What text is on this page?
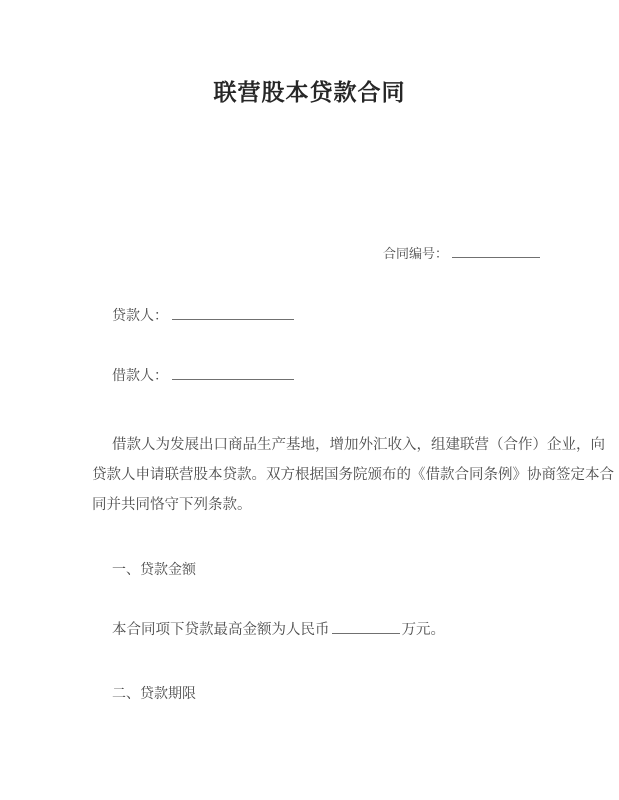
联营股本贷款合同
合同编号：
贷款人：
借款人：
借款人为发展出口商品生产基地，增加外汇收入，组建联营（合作）企业，向
贷款人申请联营股本贷款。双方根据国务院颁布的《借款合同条例》协商签定本合
同并共同恪守下列条款。
一、贷款金额
本合同项下贷款最高金额为人民币	万元。
二、贷款期限
